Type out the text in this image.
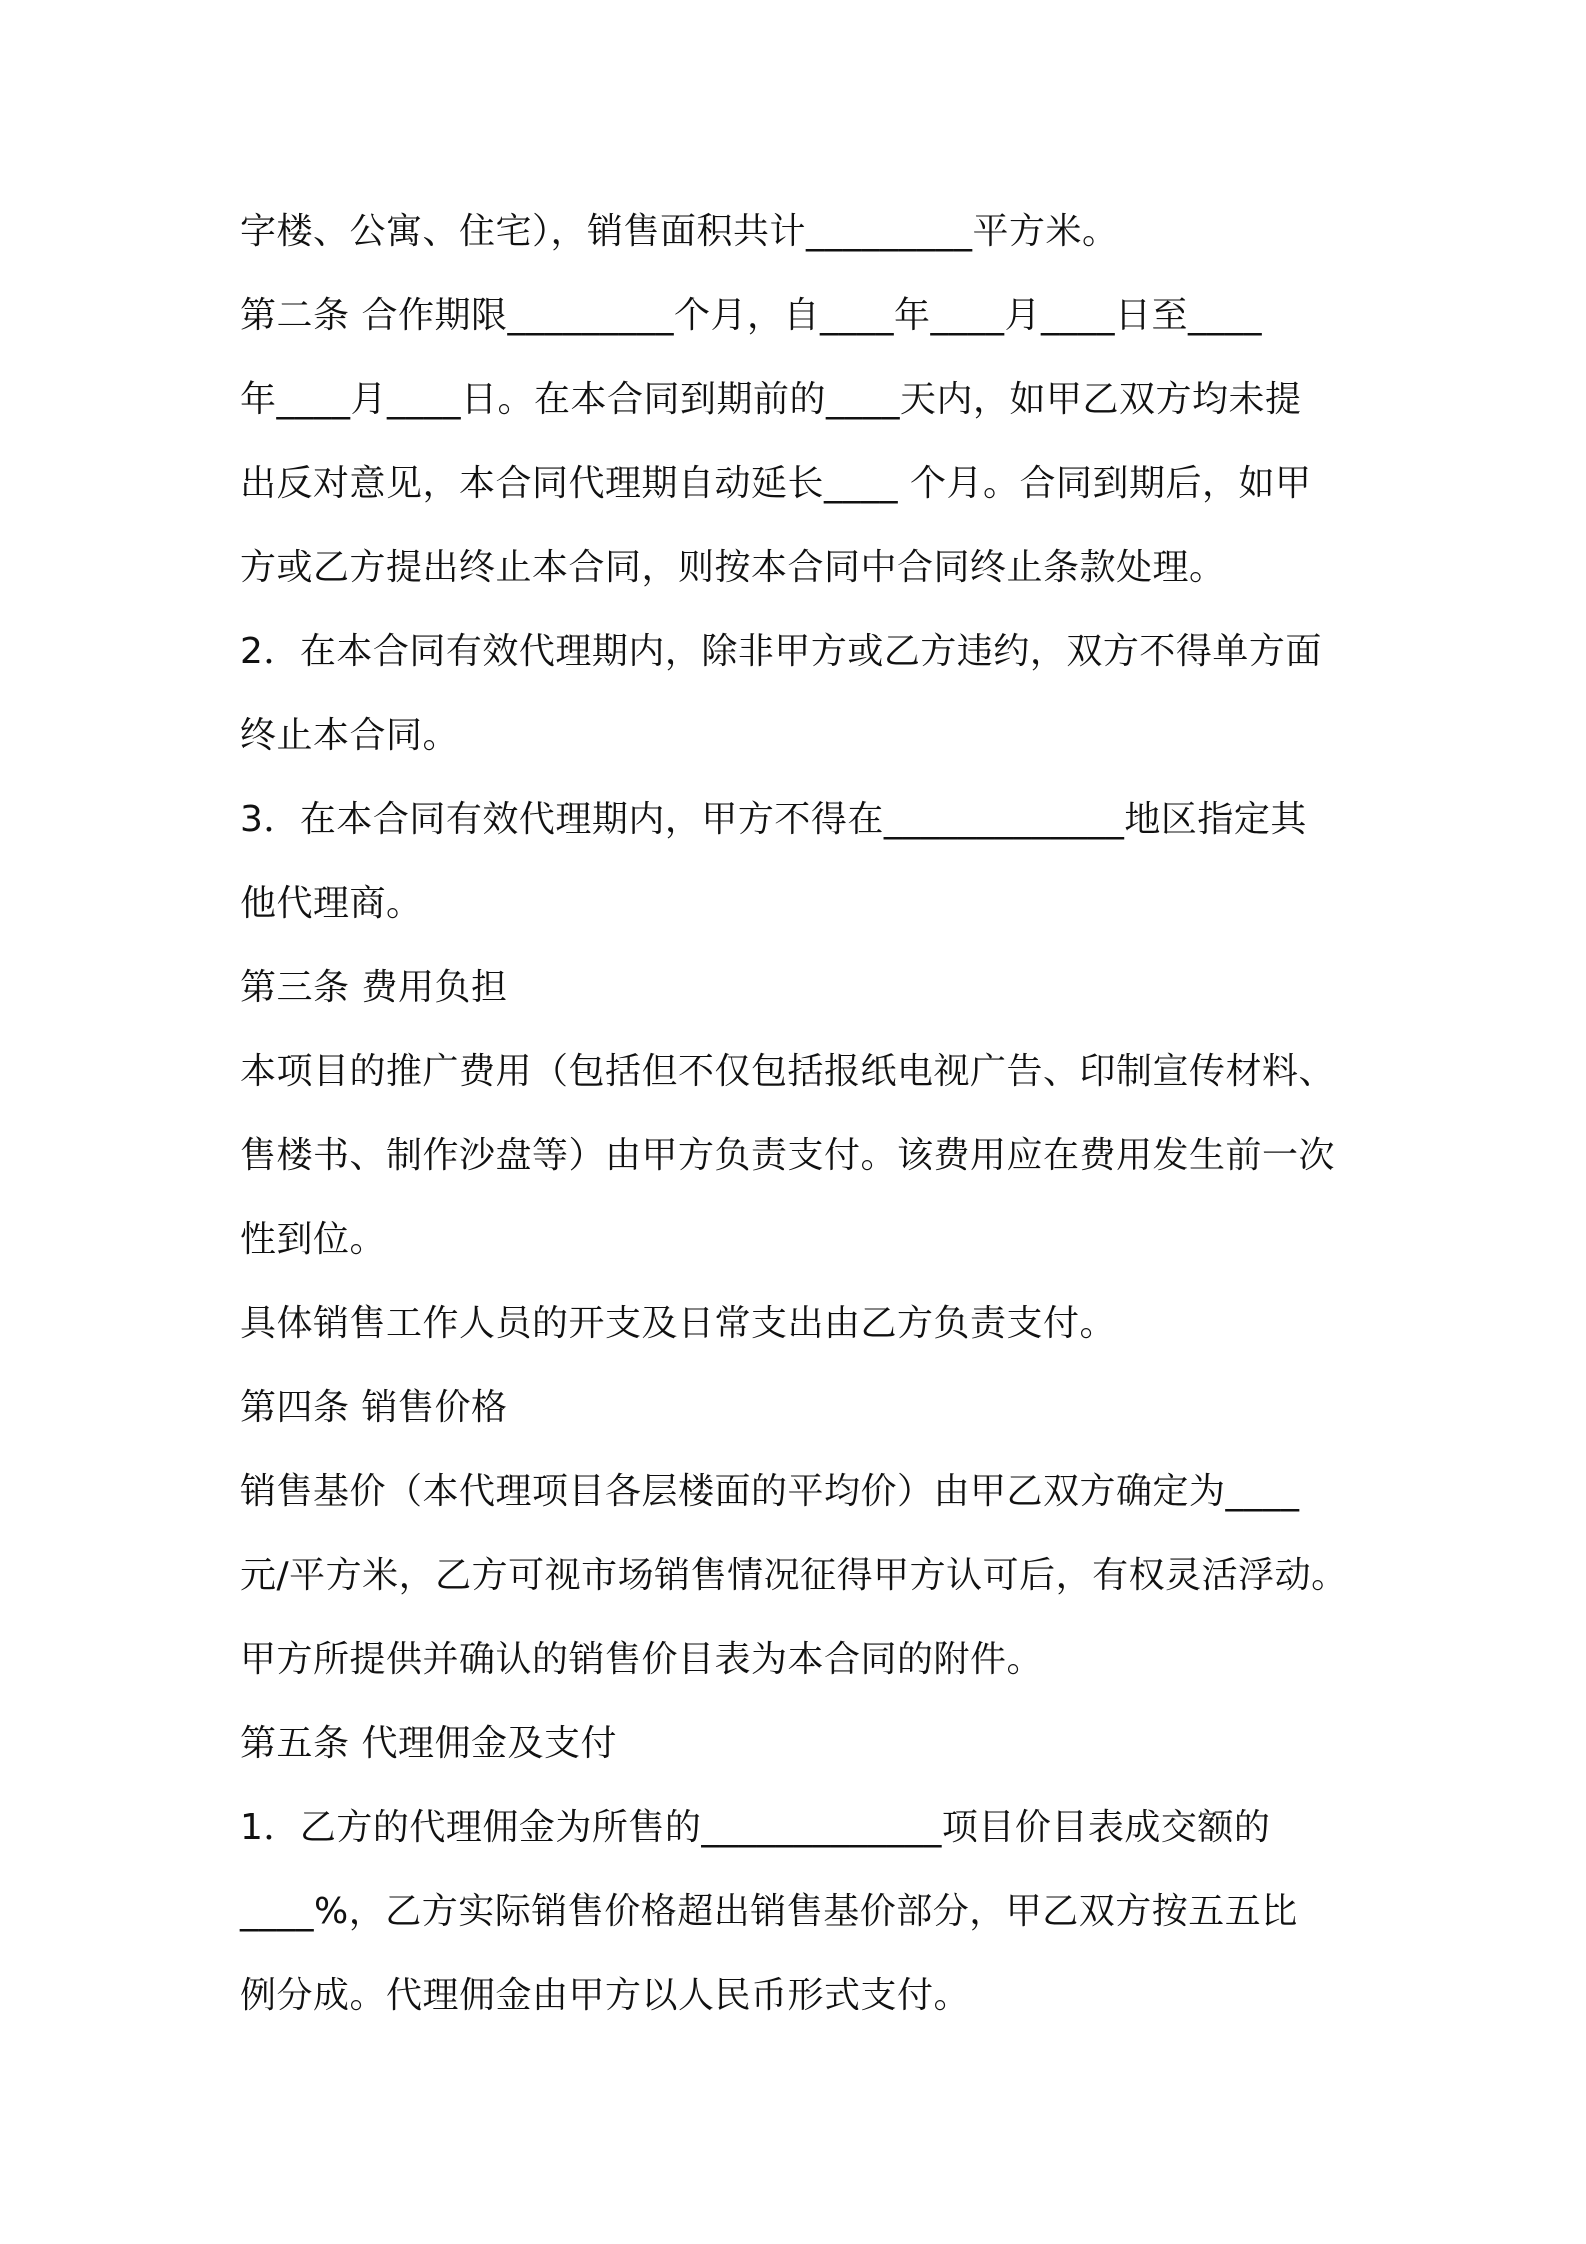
字楼、公寓、住宅），销售面积共计_________平方米。
第二条 合作期限_________个月，自____年____月____日至____
年____月____日。在本合同到期前的____天内，如甲乙双方均未提
出反对意见，本合同代理期自动延长____ 个月。合同到期后，如甲
方或乙方提出终止本合同，则按本合同中合同终止条款处理。
2．在本合同有效代理期内，除非甲方或乙方违约，双方不得单方面
终止本合同。
3．在本合同有效代理期内，甲方不得在_____________地区指定其
他代理商。
第三条 费用负担
本项目的推广费用（包括但不仅包括报纸电视广告、印制宣传材料、
售楼书、制作沙盘等）由甲方负责支付。该费用应在费用发生前一次
性到位。
具体销售工作人员的开支及日常支出由乙方负责支付。
第四条 销售价格
销售基价（本代理项目各层楼面的平均价）由甲乙双方确定为____
元/平方米，乙方可视市场销售情况征得甲方认可后，有权灵活浮动。
甲方所提供并确认的销售价目表为本合同的附件。
第五条 代理佣金及支付
1．乙方的代理佣金为所售的_____________项目价目表成交额的
____%，乙方实际销售价格超出销售基价部分，甲乙双方按五五比
例分成。代理佣金由甲方以人民币形式支付。
